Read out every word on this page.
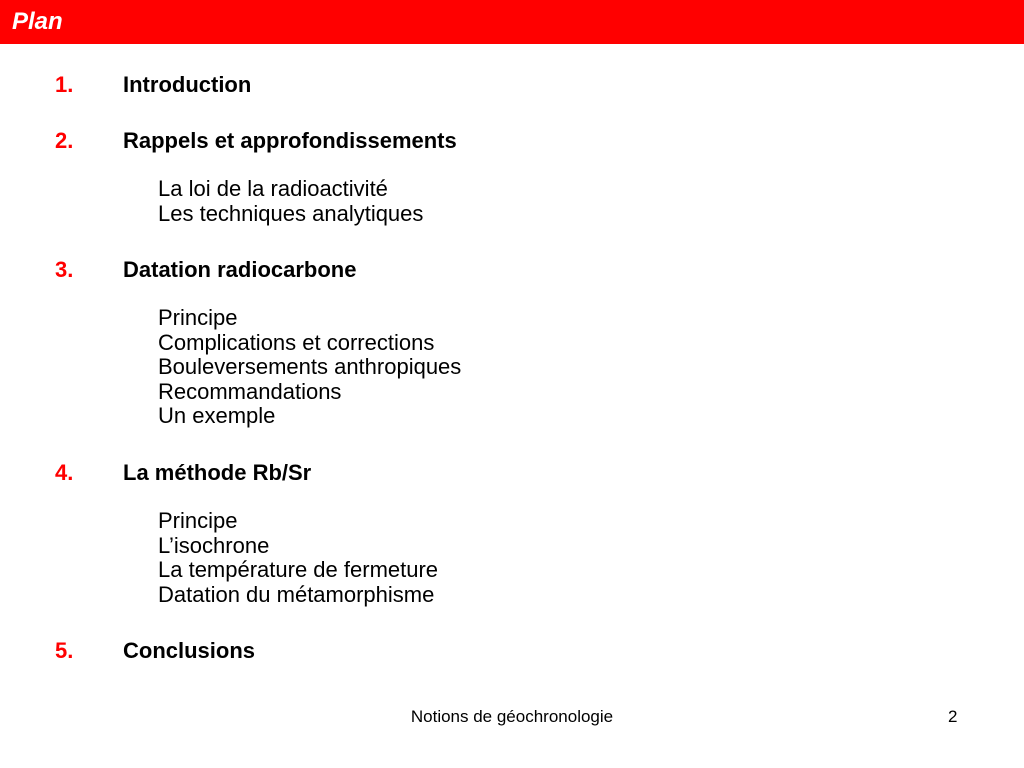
Plan
1. Introduction
2. Rappels et approfondissements
La loi de la radioactivité
Les techniques analytiques
3. Datation radiocarbone
Principe
Complications et corrections
Bouleversements anthropiques
Recommandations
Un exemple
4. La méthode Rb/Sr
Principe
L’isochrone
La température de fermeture
Datation du métamorphisme
5. Conclusions
Notions de géochronologie	2
